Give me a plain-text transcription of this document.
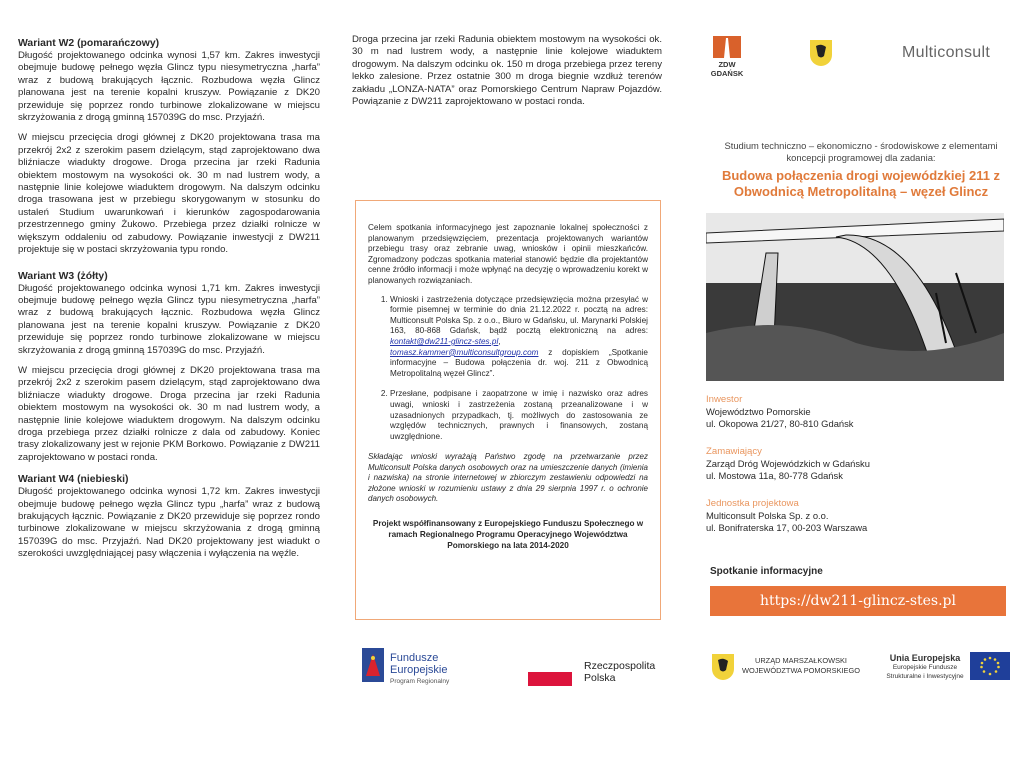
Wariant W2 (pomarańczowy)

Długość projektowanego odcinka wynosi 1,57 km. Zakres inwestycji obejmuje budowę pełnego węzła Glincz typu niesymetryczna „harfa” wraz z budową brakujących łącznic. Rozbudowa węzła Glincz planowana jest na terenie kopalni kruszyw. Powiązanie z DK20 przewiduje się poprzez rondo turbinowe zlokalizowane w miejscu skrzyżowania z drogą gminną 157039G do msc. Przyjaźń.

W miejscu przecięcia drogi głównej z DK20 projektowana trasa ma przekrój 2x2 z szerokim pasem dzielącym, stąd zaprojektowano dwa bliźniacze wiadukty drogowe. Droga przecina jar rzeki Radunia obiektem mostowym na wysokości ok. 30 m nad lustrem wody, a następnie linie kolejowe wiaduktem drogowym. Na dalszym odcinku droga trasowana jest w przebiegu skorygowanym w stosunku do ustaleń Studium uwarunkowań i kierunków zagospodarowania przestrzennego gminy Żukowo. Przebiega przez działki rolnicze w większym oddaleniu od zabudowy. Powiązanie inwestycji z DW211 projektuje się w postaci skrzyżowania typu rondo.

Wariant W3 (żółty)

Długość projektowanego odcinka wynosi 1,71 km. Zakres inwestycji obejmuje budowę pełnego węzła Glincz typu niesymetryczna „harfa” wraz z budową brakujących łącznic. Rozbudowa węzła Glincz planowana jest na terenie kopalni kruszyw. Powiązanie z DK20 przewiduje się poprzez rondo turbinowe zlokalizowane w miejscu skrzyżowania z drogą gminną 157039G do msc. Przyjaźń.

W miejscu przecięcia drogi głównej z DK20 projektowana trasa ma przekrój 2x2 z szerokim pasem dzielącym, stąd zaprojektowano dwa bliźniacze wiadukty drogowe. Droga przecina jar rzeki Radunia obiektem mostowym na wysokości ok. 30 m nad lustrem wody, a następnie linie kolejowe wiaduktem drogowym. Na dalszym odcinku droga przebiega przez działki rolnicze z dala od zabudowy. Koniec trasy zlokalizowany jest w rejonie PKM Borkowo. Powiązanie z DW211 zaprojektowano w postaci ronda.

Wariant W4 (niebieski)

Długość projektowanego odcinka wynosi 1,72 km. Zakres inwestycji obejmuje budowę pełnego węzła Glincz typu „harfa” wraz z budową brakujących łącznic. Powiązanie z DK20 przewiduje się poprzez rondo turbinowe zlokalizowane w miejscu skrzyżowania z drogą gminną 157039G do msc. Przyjaźń. Nad DK20 projektowany jest wiadukt o szerokości uwzględniającej pasy włączenia i wyłączenia na węźle.

Droga przecina jar rzeki Radunia obiektem mostowym na wysokości ok. 30 m nad lustrem wody, a następnie linie kolejowe wiaduktem drogowym. Na dalszym odcinku ok. 150 m droga przebiega przez tereny lekko zalesione. Przez ostatnie 300 m droga biegnie wzdłuż terenów zakładu „LONZA-NATA” oraz Pomorskiego Centrum Napraw Pojazdów. Powiązanie z DW211 zaprojektowano w postaci ronda.

Celem spotkania informacyjnego jest zapoznanie lokalnej społeczności z planowanym przedsięwzięciem, prezentacja projektowanych wariantów przebiegu trasy oraz zebranie uwag, wniosków i opinii mieszkańców. Zgromadzony podczas spotkania materiał stanowić będzie dla projektantów cenne źródło informacji i może wpłynąć na decyzję o wprowadzeniu korekt w planowanych rozwiązaniach.

1. Wnioski i zastrzeżenia dotyczące przedsięwzięcia można przesyłać w formie pisemnej w terminie do dnia 21.12.2022 r. pocztą na adres: Multiconsult Polska Sp. z o.o., Biuro w Gdańsku, ul. Marynarki Polskiej 163, 80-868 Gdańsk, bądź pocztą elektroniczną na adres: kontakt@dw211-glincz-stes.pl, tomasz.kammer@multiconsultgroup.com z dopiskiem „Spotkanie informacyjne – Budowa połączenia dr. woj. 211 z Obwodnicą Metropolitalną węzeł Glincz”.
2. Przesłane, podpisane i zaopatrzone w imię i nazwisko oraz adres uwagi, wnioski i zastrzeżenia zostaną przeanalizowane i w uzasadnionych przypadkach, tj. możliwych do zastosowania ze względów technicznych, prawnych i finansowych, zostaną uwzględnione.

Składając wnioski wyrażają Państwo zgodę na przetwarzanie przez Multiconsult Polska danych osobowych oraz na umieszczenie danych (imienia i nazwiska) na stronie internetowej w zbiorczym zestawieniu odpowiedzi na złożone wnioski w rozumieniu ustawy z dnia 29 sierpnia 1997 r. o ochronie danych osobowych.

Projekt współfinansowany z Europejskiego Funduszu Społecznego w ramach Regionalnego Programu Operacyjnego Województwa Pomorskiego na lata 2014-2020

ZDW
GDAŃSK
Multiconsult
Studium techniczno – ekonomiczno - środowiskowe z elementami koncepcji programowej dla zadania:
Budowa połączenia drogi wojewódzkiej 211 z Obwodnicą Metropolitalną – węzeł Glincz
Inwestor
Województwo Pomorskie
ul. Okopowa 21/27, 80-810 Gdańsk
Zamawiający
Zarząd Dróg Wojewódzkich w Gdańsku
ul. Mostowa 11a, 80-778 Gdańsk
Jednostka projektowa
Multiconsult Polska Sp. z o.o.
ul. Bonifraterska 17, 00-203 Warszawa
Spotkanie informacyjne
https://dw211-glincz-stes.pl
Fundusze
Europejskie
Program Regionalny
Rzeczpospolita
Polska
URZĄD MARSZAŁKOWSKI
WOJEWÓDZTWA POMORSKIEGO
Unia Europejska
Europejskie Fundusze
Strukturalne i Inwestycyjne
